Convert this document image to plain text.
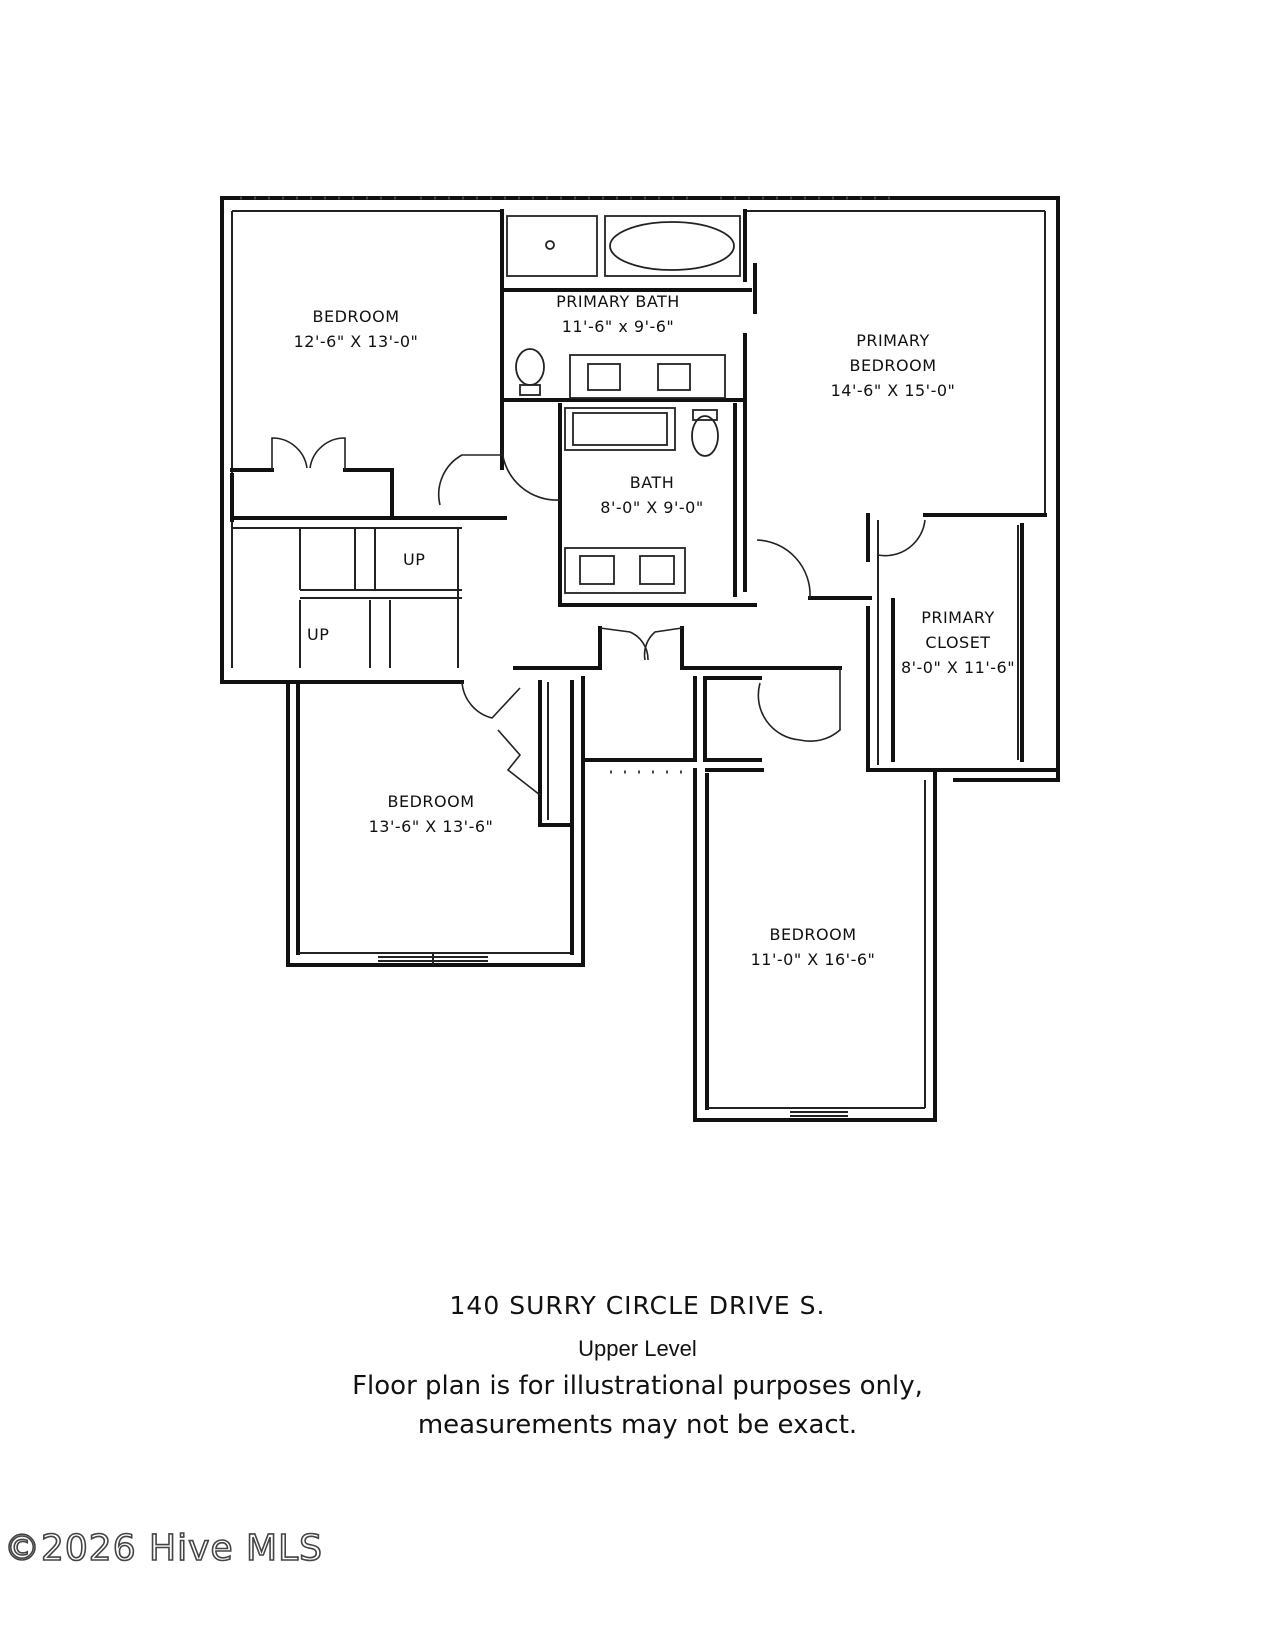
BEDROOM
12'-6" X 13'-0"
PRIMARY BATH
11'-6" x 9'-6"
PRIMARY
BEDROOM
14'-6" X 15'-0"
BATH
8'-0" X 9'-0"
PRIMARY
CLOSET
8'-0" X 11'-6"
BEDROOM
13'-6" X 13'-6"
BEDROOM
11'-0" X 16'-6"
UP
UP
140 SURRY CIRCLE DRIVE S.
Upper Level
Floor plan is for illustrational purposes only,
measurements may not be exact.
©2026 Hive MLS
